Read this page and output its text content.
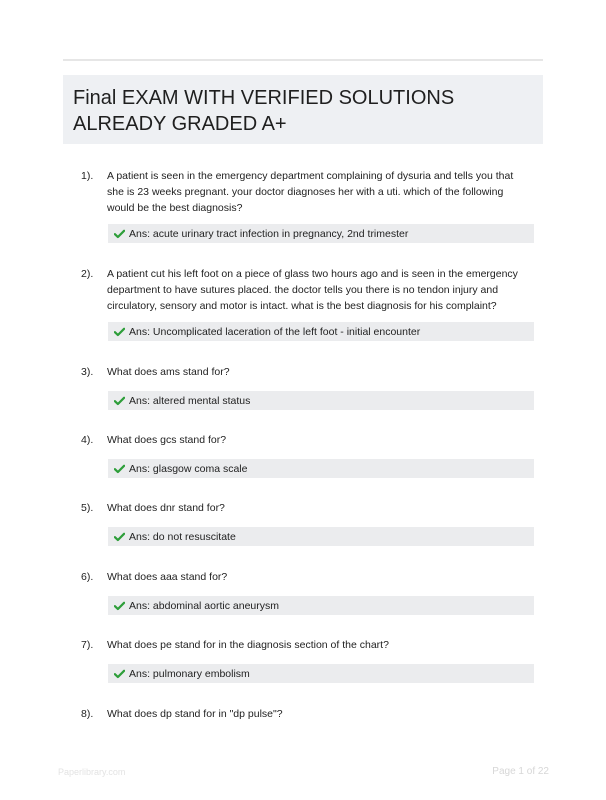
Final EXAM WITH VERIFIED SOLUTIONS
ALREADY GRADED A+
1). A patient is seen in the emergency department complaining of dysuria and tells you that she is 23 weeks pregnant. your doctor diagnoses her with a uti. which of the following would be the best diagnosis?
Ans: acute urinary tract infection in pregnancy, 2nd trimester
2). A patient cut his left foot on a piece of glass two hours ago and is seen in the emergency department to have sutures placed. the doctor tells you there is no tendon injury and circulatory, sensory and motor is intact. what is the best diagnosis for his complaint?
Ans: Uncomplicated laceration of the left foot - initial encounter
3). What does ams stand for?
Ans: altered mental status
4). What does gcs stand for?
Ans: glasgow coma scale
5). What does dnr stand for?
Ans: do not resuscitate
6). What does aaa stand for?
Ans: abdominal aortic aneurysm
7). What does pe stand for in the diagnosis section of the chart?
Ans: pulmonary embolism
8). What does dp stand for in "dp pulse"?
Paperlibrary.com	Page 1 of 22
